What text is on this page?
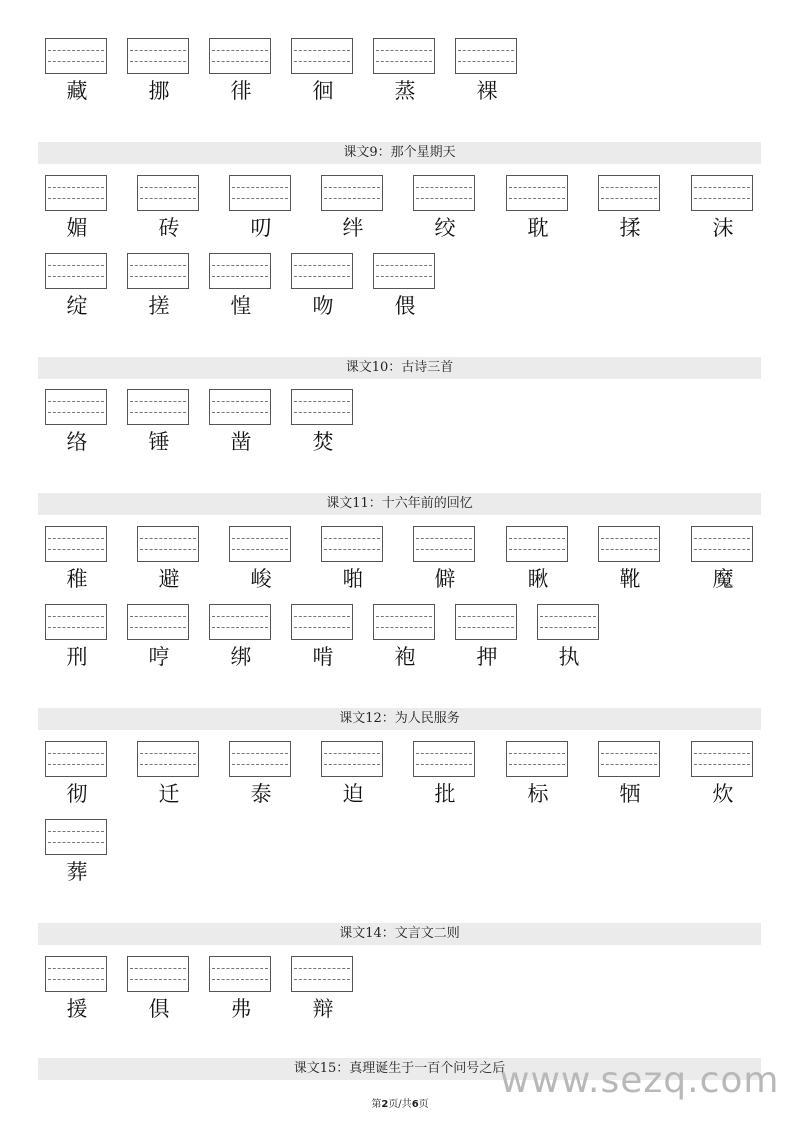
藏	挪	徘	徊	蒸	裸
课文9：那个星期天
媚	砖	叨	绊	绞	耽	揉	沫
绽	搓	惶	吻	偎
课文10：古诗三首
络	锤	凿	焚
课文11：十六年前的回忆
稚	避	峻	啪	僻	瞅	靴	魔
刑	哼	绑	啃	袍	押	执
课文12：为人民服务
彻	迁	泰	迫	批	标	牺	炊
葬
课文14：文言文二则
援	俱	弗	辩
课文15：真理诞生于一百个问号之后
www.sezq.com
第2页/共6页
